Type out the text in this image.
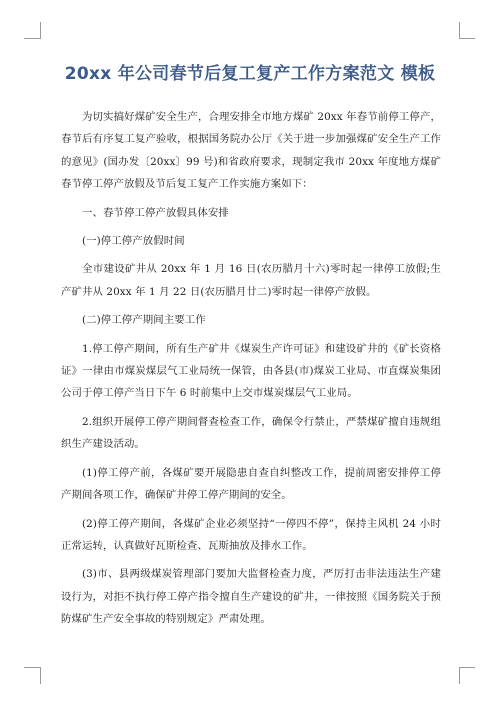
20xx 年公司春节后复工复产工作方案范文 模板

为切实搞好煤矿安全生产，合理安排全市地方煤矿 20xx 年春节前停工停产，春节后有序复工复产验收，根据国务院办公厅《关于进一步加强煤矿安全生产工作的意见》(国办发〔20xx〕99 号)和省政府要求，现制定我市 20xx 年度地方煤矿春节停工停产放假及节后复工复产工作实施方案如下：

一、春节停工停产放假具体安排

(一)停工停产放假时间

全市建设矿井从 20xx 年 1 月 16 日(农历腊月十六)零时起一律停工放假;生产矿井从 20xx 年 1 月 22 日(农历腊月廿二)零时起一律停产放假。

(二)停工停产期间主要工作

1.停工停产期间，所有生产矿井《煤炭生产许可证》和建设矿井的《矿长资格证》一律由市煤炭煤层气工业局统一保管，由各县(市)煤炭工业局、市直煤炭集团公司于停工停产当日下午 6 时前集中上交市煤炭煤层气工业局。

2.组织开展停工停产期间督查检查工作，确保令行禁止，严禁煤矿擅自违规组织生产建设活动。

(1)停工停产前，各煤矿要开展隐患自查自纠整改工作，提前周密安排停工停产期间各项工作，确保矿井停工停产期间的安全。

(2)停工停产期间，各煤矿企业必须坚持“一停四不停”，保持主风机 24 小时正常运转，认真做好瓦斯检查、瓦斯抽放及排水工作。

(3)市、县两级煤炭管理部门要加大监督检查力度，严厉打击非法违法生产建设行为，对拒不执行停工停产指令擅自生产建设的矿井，一律按照《国务院关于预防煤矿生产安全事故的特别规定》严肃处理。
